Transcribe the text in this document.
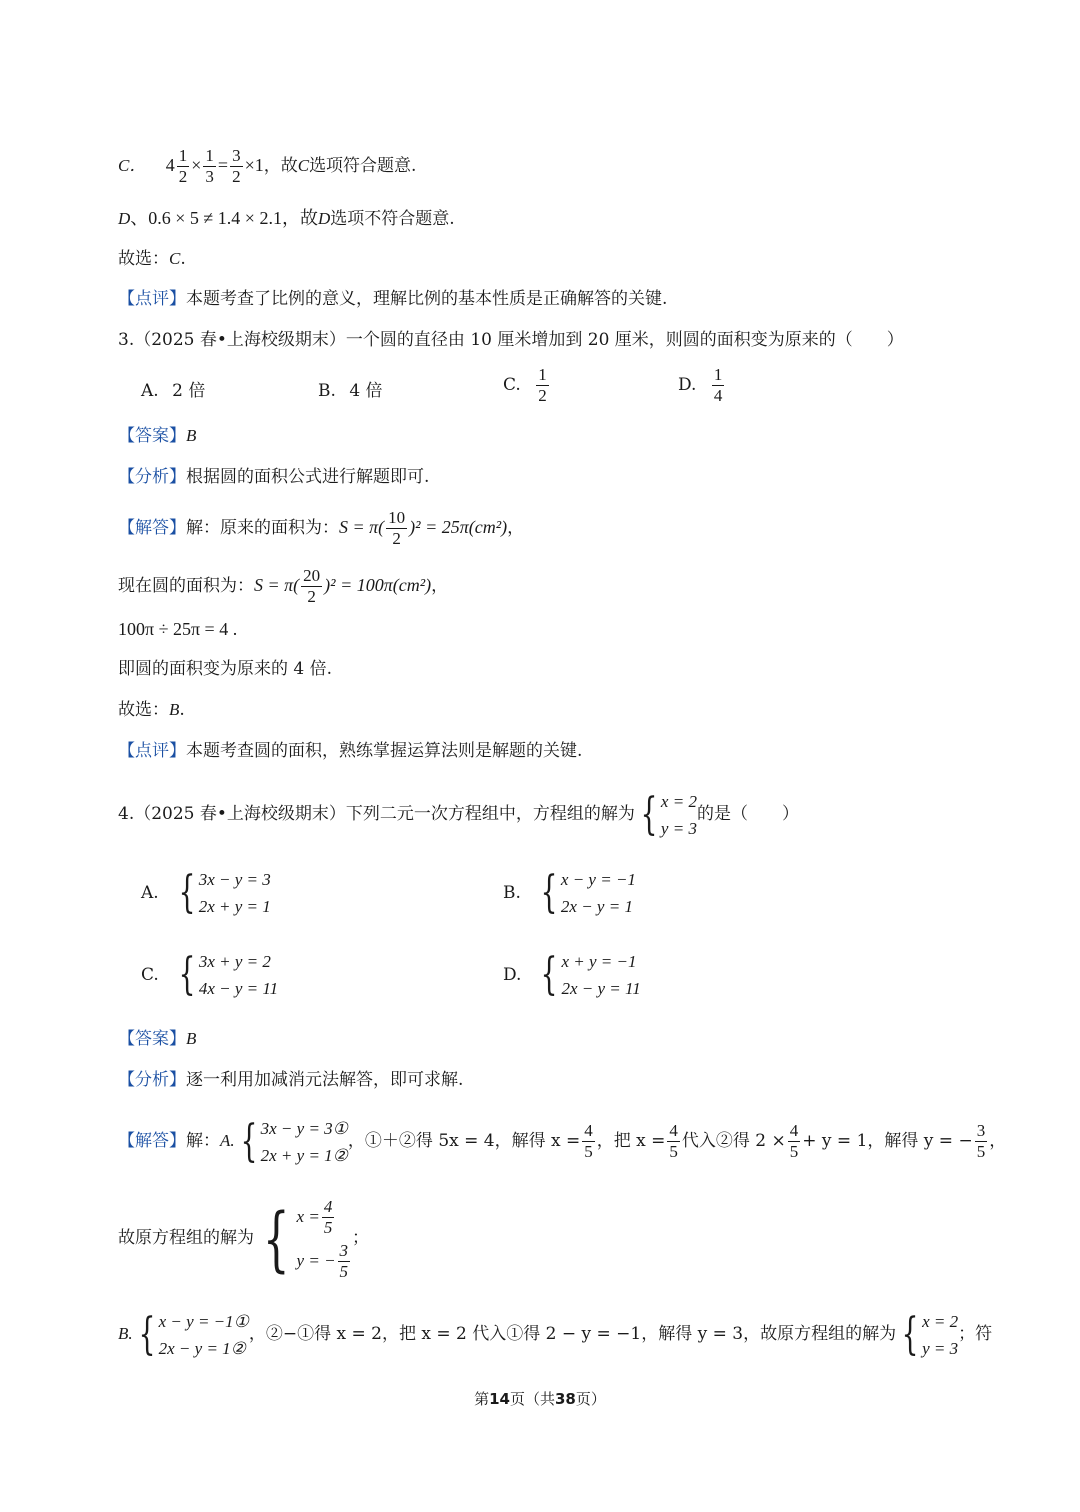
C． $4 \frac{1}{2} \times \frac{1}{3} = \frac{3}{2} \times 1$，故C选项符合题意.
D、0.6 × 5 ≠ 1.4 × 2.1，故D选项不符合题意.
故选：C.
【点评】本题考查了比例的意义，理解比例的基本性质是正确解答的关键.
3.（2025 春•上海校级期末）一个圆的直径由 10 厘米增加到 20 厘米，则圆的面积变为原来的（　　）
A. 2 倍	B. 4 倍	C. $\frac{1}{2}$	D. $\frac{1}{4}$
【答案】B
【分析】根据圆的面积公式进行解题即可.
【解答】解：原来的面积为：$S = \pi( \frac{10}{2} )^2 = 25\pi(cm^2)$，
现在圆的面积为：$S = \pi( \frac{20}{2} )^2 = 100\pi(cm^2)$，
100π ÷ 25π = 4 .
即圆的面积变为原来的 4 倍.
故选：B.
【点评】本题考查圆的面积，熟练掌握运算法则是解题的关键.
4.（2025 春•上海校级期末）下列二元一次方程组中，方程组的解为 { x = 2
y = 3
的是（　　）
A. { 3x − y = 3
2x + y = 1
B. { x − y = −1
2x − y = 1
C. { 3x + y = 2
4x − y = 11
D. { x + y = −1
2x − y = 11
【答案】B
【分析】逐一利用加减消元法解答，即可求解.
【解答】解：A. { 3x − y = 3①
2x + y = 1②
，①＋②得 5x = 4，解得 $x = \frac{4}{5}$ ，把 $x = \frac{4}{5}$ 代入②得 $2 \times \frac{4}{5} + y = 1$，解得 y = − $\frac{3}{5}$ ，
故原方程组的解为 { $x = \frac{4}{5}$
y = − $\frac{3}{5}$
；
B. { x − y = −1①
2x − y = 1②
，②−①得 x = 2，把 x = 2 代入①得 2 − y = −1，解得 y = 3，故原方程组的解为 { x = 2
y = 3
；符
第14页（共38页）
